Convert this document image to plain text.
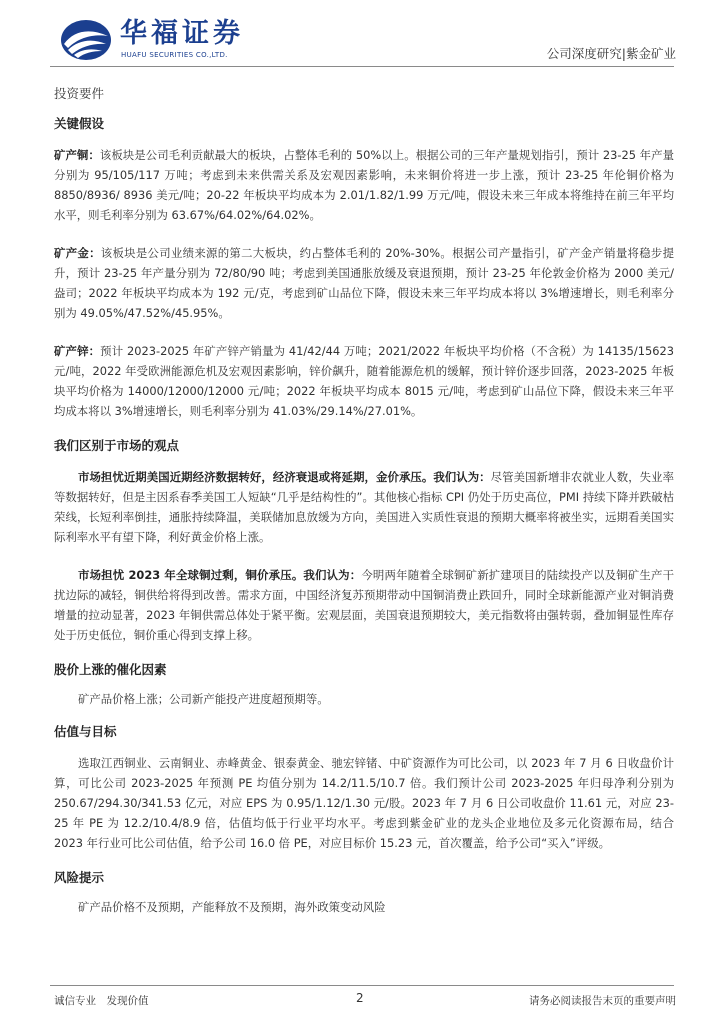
华福证券
HUAFU SECURITIES CO.,LTD.	公司深度研究|紫金矿业
投资要件
关键假设

矿产铜：该板块是公司毛利贡献最大的板块，占整体毛利的 50%以上。根据公司的三年产量规划指引，预计 23-25 年产量分别为 95/105/117 万吨；考虑到未来供需关系及宏观因素影响，未来铜价将进一步上涨，预计 23-25 年伦铜价格为 8850/8936/ 8936 美元/吨；20-22 年板块平均成本为 2.01/1.82/1.99 万元/吨，假设未来三年成本将维持在前三年平均水平，则毛利率分别为 63.67%/64.02%/64.02%。

矿产金：该板块是公司业绩来源的第二大板块，约占整体毛利的 20%-30%。根据公司产量指引，矿产金产销量将稳步提升，预计 23-25 年产量分别为 72/80/90 吨；考虑到美国通胀放缓及衰退预期，预计 23-25 年伦敦金价格为 2000 美元/盎司；2022 年板块平均成本为 192 元/克，考虑到矿山品位下降，假设未来三年平均成本将以 3%增速增长，则毛利率分别为 49.05%/47.52%/45.95%。

矿产锌：预计 2023-2025 年矿产锌产销量为 41/42/44 万吨；2021/2022 年板块平均价格（不含税）为 14135/15623 元/吨，2022 年受欧洲能源危机及宏观因素影响，锌价飙升，随着能源危机的缓解，预计锌价逐步回落，2023-2025 年板块平均价格为 14000/12000/12000 元/吨；2022 年板块平均成本 8015 元/吨，考虑到矿山品位下降，假设未来三年平均成本将以 3%增速增长，则毛利率分别为 41.03%/29.14%/27.01%。

我们区别于市场的观点

市场担忧近期美国近期经济数据转好，经济衰退或将延期，金价承压。我们认为：尽管美国新增非农就业人数，失业率等数据转好，但是主因系春季美国工人短缺“几乎是结构性的”。其他核心指标 CPI 仍处于历史高位，PMI 持续下降并跌破枯荣线，长短利率倒挂，通胀持续降温，美联储加息放缓为方向，美国进入实质性衰退的预期大概率将被坐实，远期看美国实际利率水平有望下降，利好黄金价格上涨。

市场担忧 2023 年全球铜过剩，铜价承压。我们认为：今明两年随着全球铜矿新扩建项目的陆续投产以及铜矿生产干扰边际的减轻，铜供给将得到改善。需求方面，中国经济复苏预期带动中国铜消费止跌回升，同时全球新能源产业对铜消费增量的拉动显著，2023 年铜供需总体处于紧平衡。宏观层面，美国衰退预期较大，美元指数将由强转弱，叠加铜显性库存处于历史低位，铜价重心得到支撑上移。

股价上涨的催化因素

矿产品价格上涨；公司新产能投产进度超预期等。

估值与目标

选取江西铜业、云南铜业、赤峰黄金、银泰黄金、驰宏锌锗、中矿资源作为可比公司，以 2023 年 7 月 6 日收盘价计算，可比公司 2023-2025 年预测 PE 均值分别为 14.2/11.5/10.7 倍。我们预计公司 2023-2025 年归母净利分别为 250.67/294.30/341.53 亿元，对应 EPS 为 0.95/1.12/1.30 元/股。2023 年 7 月 6 日公司收盘价 11.61 元，对应 23-25 年 PE 为 12.2/10.4/8.9 倍，估值均低于行业平均水平。考虑到紫金矿业的龙头企业地位及多元化资源布局，结合 2023 年行业可比公司估值，给予公司 16.0 倍 PE，对应目标价 15.23 元，首次覆盖，给予公司“买入”评级。

风险提示

矿产品价格不及预期，产能释放不及预期，海外政策变动风险

诚信专业　发现价值	2	请务必阅读报告末页的重要声明
